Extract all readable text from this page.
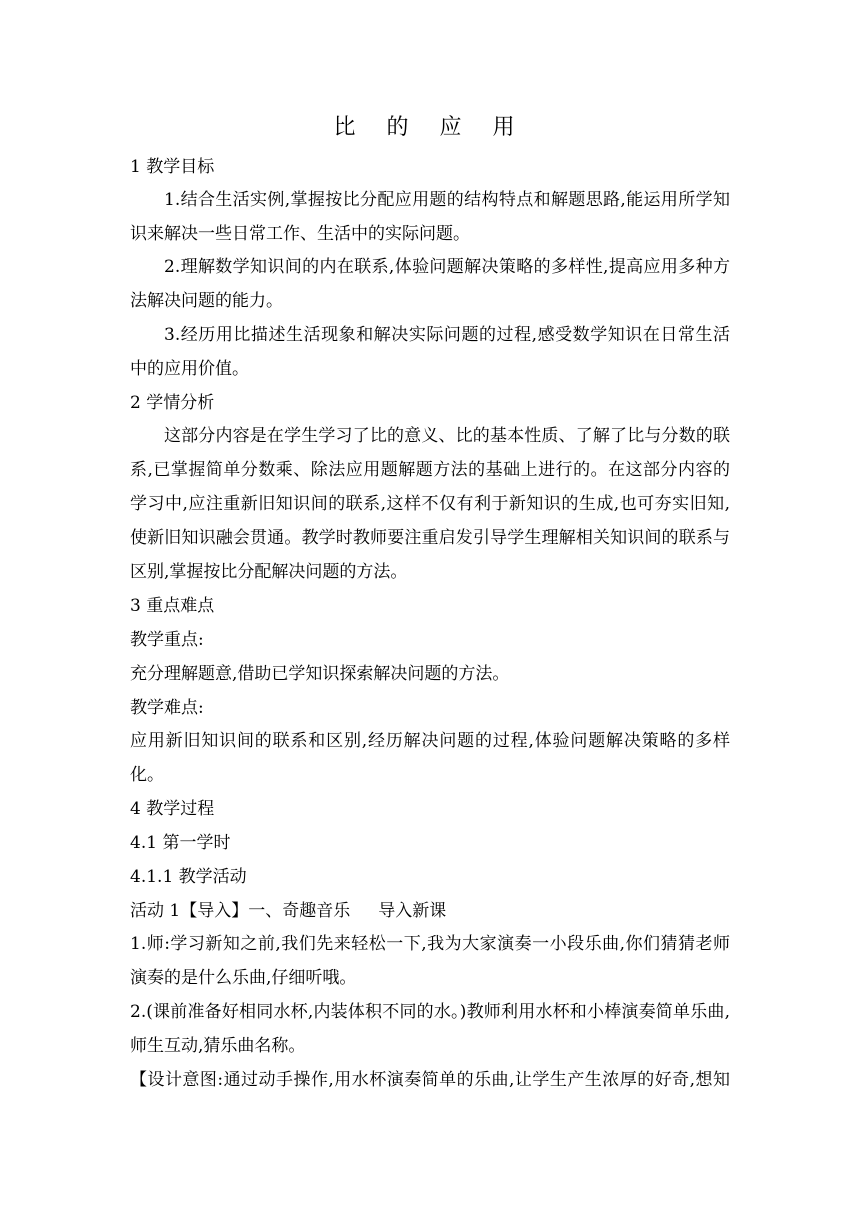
比 的 应 用
1 教学目标
1.结合生活实例,掌握按比分配应用题的结构特点和解题思路,能运用所学知
识来解决一些日常工作、生活中的实际问题。
2.理解数学知识间的内在联系,体验问题解决策略的多样性,提高应用多种方
法解决问题的能力。
3.经历用比描述生活现象和解决实际问题的过程,感受数学知识在日常生活
中的应用价值。
2 学情分析
这部分内容是在学生学习了比的意义、比的基本性质、了解了比与分数的联
系,已掌握简单分数乘、除法应用题解题方法的基础上进行的。在这部分内容的
学习中,应注重新旧知识间的联系,这样不仅有利于新知识的生成,也可夯实旧知,
使新旧知识融会贯通。教学时教师要注重启发引导学生理解相关知识间的联系与
区别,掌握按比分配解决问题的方法。
3 重点难点
教学重点:
充分理解题意,借助已学知识探索解决问题的方法。
教学难点:
应用新旧知识间的联系和区别,经历解决问题的过程,体验问题解决策略的多样
化。
4 教学过程
4.1 第一学时
4.1.1 教学活动
活动 1【导入】一、奇趣音乐 导入新课
1.师:学习新知之前,我们先来轻松一下,我为大家演奏一小段乐曲,你们猜猜老师
演奏的是什么乐曲,仔细听哦。
2.(课前准备好相同水杯,内装体积不同的水。)教师利用水杯和小棒演奏简单乐曲,
师生互动,猜乐曲名称。
【设计意图:通过动手操作,用水杯演奏简单的乐曲,让学生产生浓厚的好奇,想知
